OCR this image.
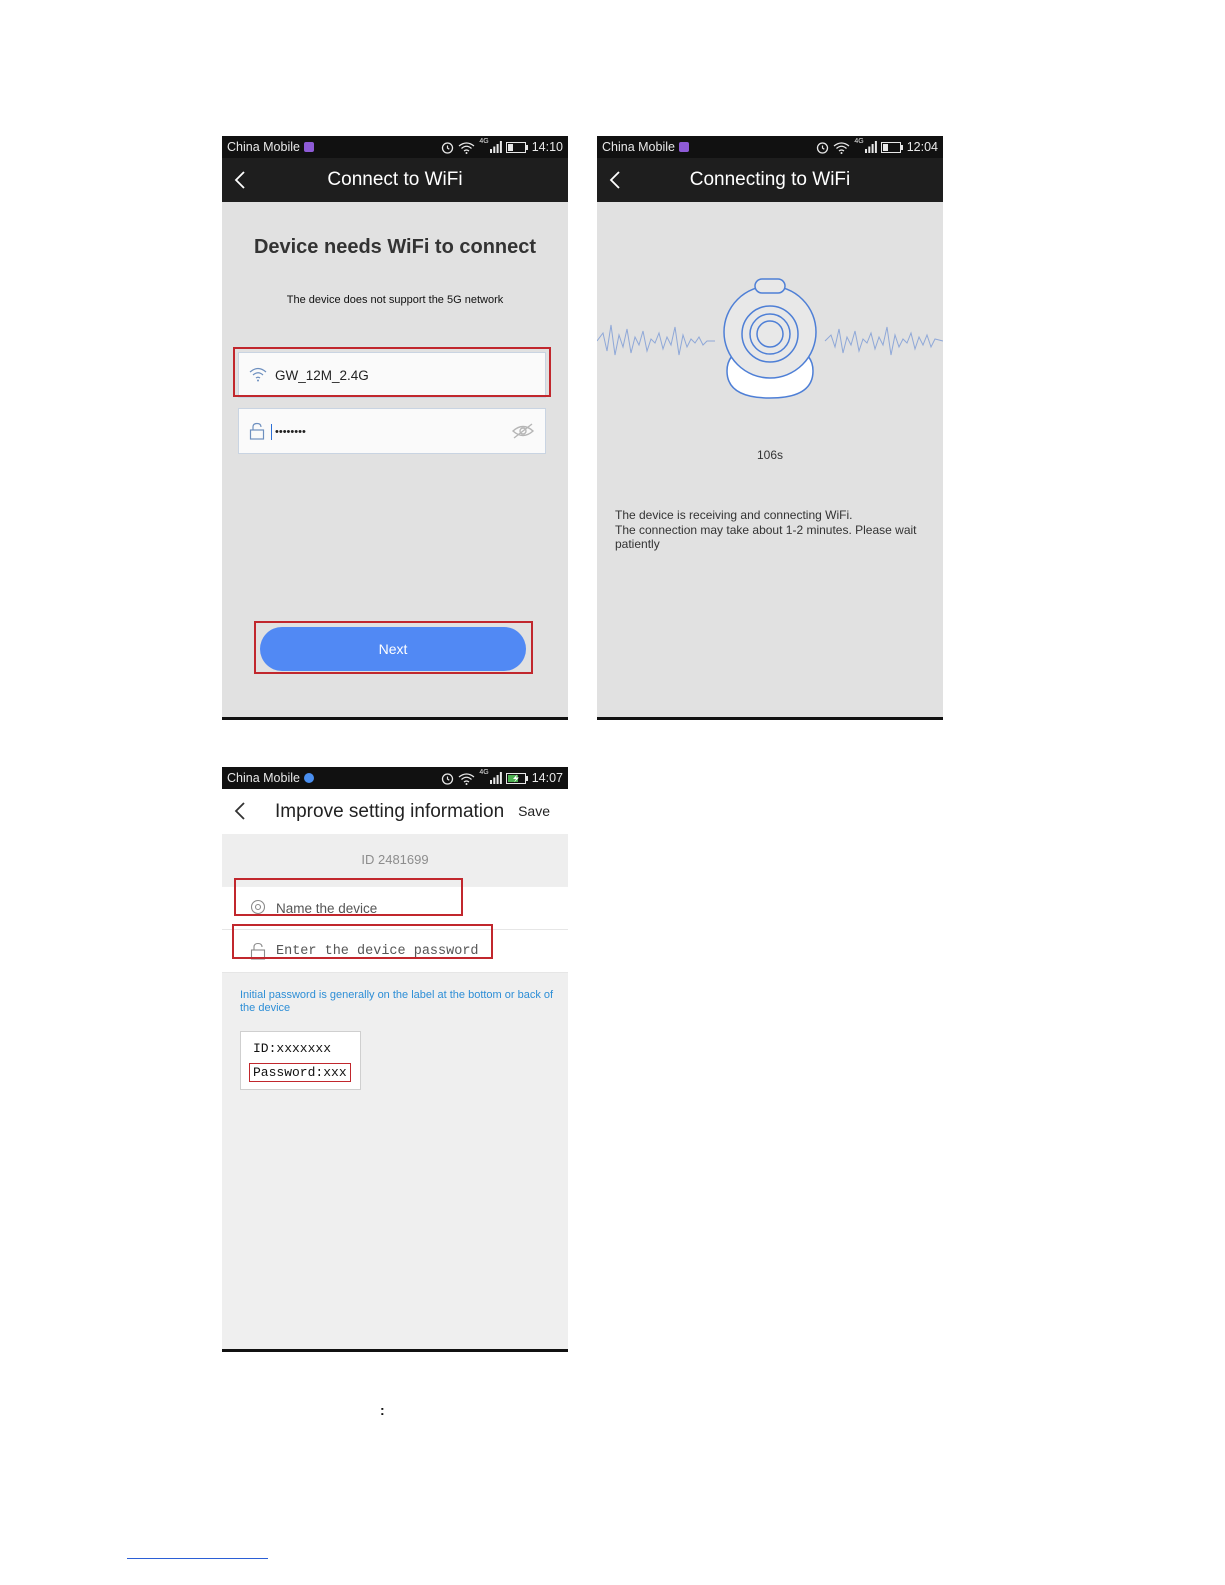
China Mobile	4G	14:10
Connect to WiFi
Device needs WiFi to connect
The device does not support the 5G network
GW_12M_2.4G
••••••••
Next
China Mobile	4G	12:04
Connecting to WiFi
106s
The device is receiving and connecting WiFi.
The connection may take about 1-2 minutes. Please wait patiently
China Mobile	4G	14:07
Improve setting information Save
ID 2481699
Name the device
Enter the device password
Initial password is generally on the label at the bottom or back of the device
ID:xxxxxxx
Password:xxx
:
